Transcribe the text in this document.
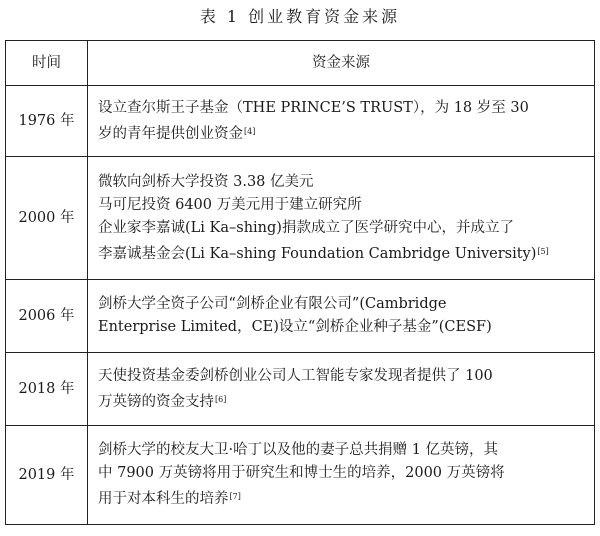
表 1 创业教育资金来源
时间	资金来源
1976 年	设立查尔斯王子基金（THE PRINCE’S TRUST），为 18 岁至 30
岁的青年提供创业资金[4]

2000 年	微软向剑桥大学投资 3.38 亿美元
马可尼投资 6400 万美元用于建立研究所
企业家李嘉诚(Li Ka–shing)捐款成立了医学研究中心，并成立了
李嘉诚基金会(Li Ka–shing Foundation Cambridge University)[5]

2006 年	剑桥大学全资子公司“剑桥企业有限公司”(Cambridge
Enterprise Limited，CE)设立“剑桥企业种子基金”(CESF)

2018 年	天使投资基金委剑桥创业公司人工智能专家发现者提供了 100
万英镑的资金支持[6]

2019 年	剑桥大学的校友大卫·哈丁以及他的妻子总共捐赠 1 亿英镑，其
中 7900 万英镑将用于研究生和博士生的培养，2000 万英镑将
用于对本科生的培养[7]
